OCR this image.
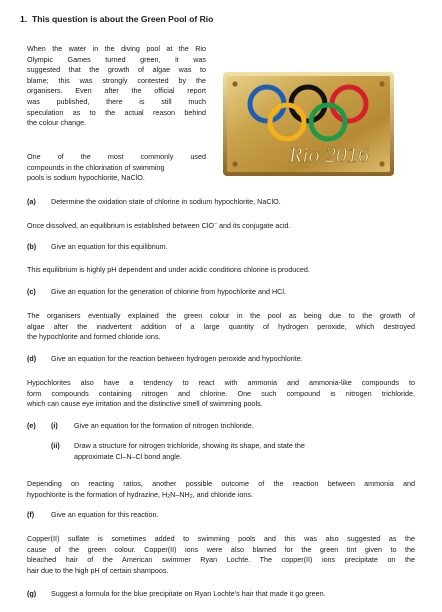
1. This question is about the Green Pool of Rio
When the water in the diving pool at the Rio
Olympic Games turned green, it was
suggested that the growth of algae was to
blame; this was strongly contested by the
organisers. Even after the official report
was published, there is still much
speculation as to the actual reason behind
the colour change.
One of the most commonly used
compounds in the chlorination of swimming
pools is sodium hypochlorite, NaClO.
Rio 2016
(a) Determine the oxidation state of chlorine in sodium hypochlorite, NaClO.
Once dissolved, an equilibrium is established between ClO− and its conjugate acid.
(b) Give an equation for this equilibrium.
This equilibrium is highly pH dependent and under acidic conditions chlorine is produced.
(c) Give an equation for the generation of chlorine from hypochlorite and HCl.
The organisers eventually explained the green colour in the pool as being due to the growth of
algae after the inadvertent addition of a large quantity of hydrogen peroxide, which destroyed
the hypochlorite and formed chloride ions.
(d) Give an equation for the reaction between hydrogen peroxide and hypochlorite.
Hypochlorites also have a tendency to react with ammonia and ammonia-like compounds to
form compounds containing nitrogen and chlorine. One such compound is nitrogen trichloride,
which can cause eye irritation and the distinctive smell of swimming pools.
(e) (i) Give an equation for the formation of nitrogen trichloride.
(ii) Draw a structure for nitrogen trichloride, showing its shape, and state the
approximate Cl–N–Cl bond angle.
Depending on reacting ratios, another possible outcome of the reaction between ammonia and
hypochlorite is the formation of hydrazine, $H_2N-NH_2$, and chloride ions.
(f) Give an equation for this reaction.
Copper(II) sulfate is sometimes added to swimming pools and this was also suggested as the
cause of the green colour. Copper(II) ions were also blamed for the green tint given to the
bleached hair of the American swimmer Ryan Lochte. The copper(II) ions precipitate on the
hair due to the high pH of certain shampoos.
(g) Suggest a formula for the blue precipitate on Ryan Lochte's hair that made it go green.
